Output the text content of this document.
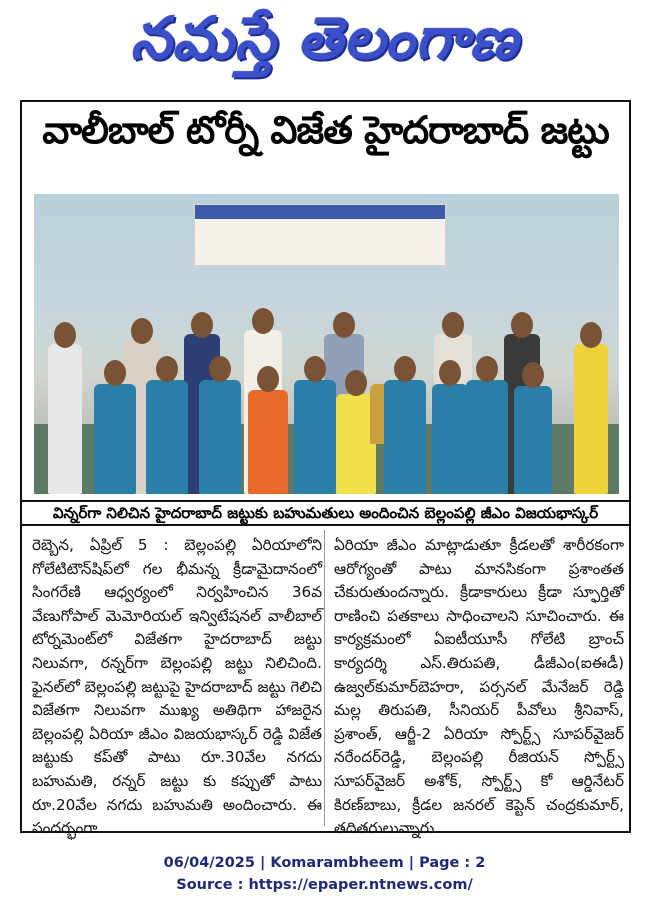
నమస్తే తెలంగాణ
వాలీబాల్ టోర్నీ విజేత హైదరాబాద్ జట్టు
విన్నర్‌గా నిలిచిన హైదరాబాద్ జట్టుకు బహుమతులు అందించిన బెల్లంపల్లి జీఎం విజయభాస్కర్
రెబ్బెన, ఏప్రిల్ 5 : బెల్లంపల్లి ఏరియాలోని గోలేటిటౌన్‌షిప్‌లో గల భీమన్న క్రీడామైదానంలో సింగరేణి ఆధ్వర్యంలో నిర్వహించిన 36వ వేణుగోపాల్ మెమోరియల్ ఇన్విటేషనల్ వాలీబాల్ టోర్నమెంట్‌లో విజేతగా హైదరాబాద్ జట్టు నిలువగా, రన్నర్‌గా బెల్లంపల్లి జట్టు నిలిచింది. ఫైనల్‌లో బెల్లంపల్లి జట్టుపై హైదరాబాద్ జట్టు గెలిచి విజేతగా నిలువగా ముఖ్య అతిథిగా హాజరైన బెల్లంపల్లి ఏరియా జీఎం విజయభాస్కర్ రెడ్డి విజేత జట్టుకు కప్‌తో పాటు రూ.30వేల నగదు బహుమతి, రన్నర్ జట్టు కు కప్పుతో పాటు రూ.20వేల నగదు బహుమతి అందించారు. ఈ సందర్భంగా
ఏరియా జీఎం మాట్లాడుతూ క్రీడలతో శారీరకంగా ఆరోగ్యంతో పాటు మానసికంగా ప్రశాంతత చేకురుతుందన్నారు. క్రీడాకారులు క్రీడా స్ఫూర్తితో రాణించి పతకాలు సాధించాలని సూచించారు. ఈ కార్యక్రమంలో ఏఐటీయూసీ గోలేటి బ్రాంచ్ కార్యదర్శి ఎస్.తిరుపతి, డీజీఎం(ఐఈడీ) ఉజ్వల్‌కుమార్‌బెహరా, పర్సనల్ మేనేజర్ రెడ్డి మల్ల తిరుపతి, సీనియర్ పీవోలు శ్రీనివాస్, ప్రశాంత్, ఆర్జీ-2 ఏరియా స్పోర్ట్స్ సూపర్‌వైజర్ నరేందర్‌రెడ్డి, బెల్లంపల్లి రీజియన్ స్పోర్ట్స్ సూపర్‌వైజర్ అశోక్, స్పోర్ట్స్ కో ఆర్డినేటర్ కిరణ్‌బాబు, క్రీడల జనరల్ కెప్టెన్ చంద్రకుమార్, తదితరులున్నారు.
06/04/2025 | Komarambheem | Page : 2
Source : https://epaper.ntnews.com/
